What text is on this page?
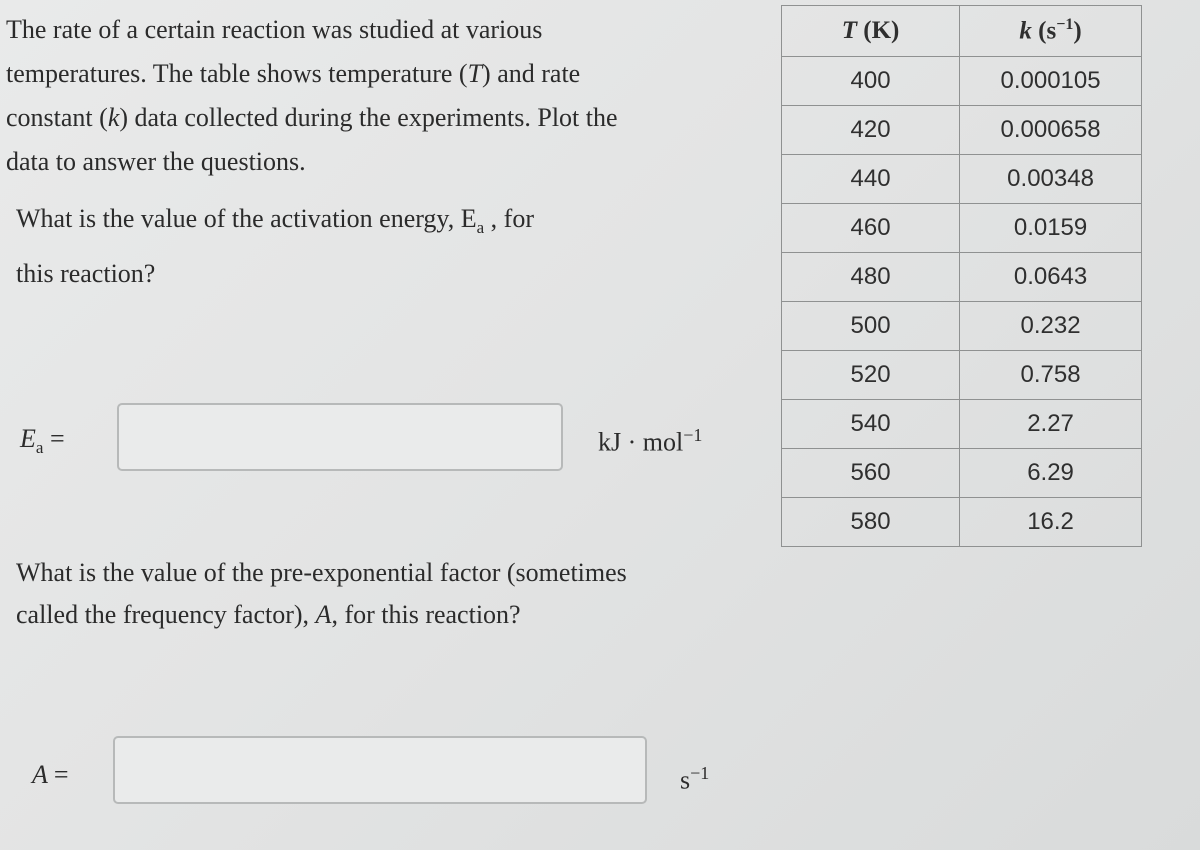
The rate of a certain reaction was studied at various
temperatures. The table shows temperature (T) and rate
constant (k) data collected during the experiments. Plot the
data to answer the questions.
What is the value of the activation energy, $E_a$ , for
this reaction?
$E_a$ =	kJ · mol$^{-1}$
What is the value of the pre-exponential factor (sometimes
called the frequency factor), A, for this reaction?
A =	$s^{-1}$
T (K)	k $(s^{-1})$
400	0.000105
420	0.000658
440	0.00348
460	0.0159
480	0.0643
500	0.232
520	0.758
540	2.27
560	6.29
580	16.2
